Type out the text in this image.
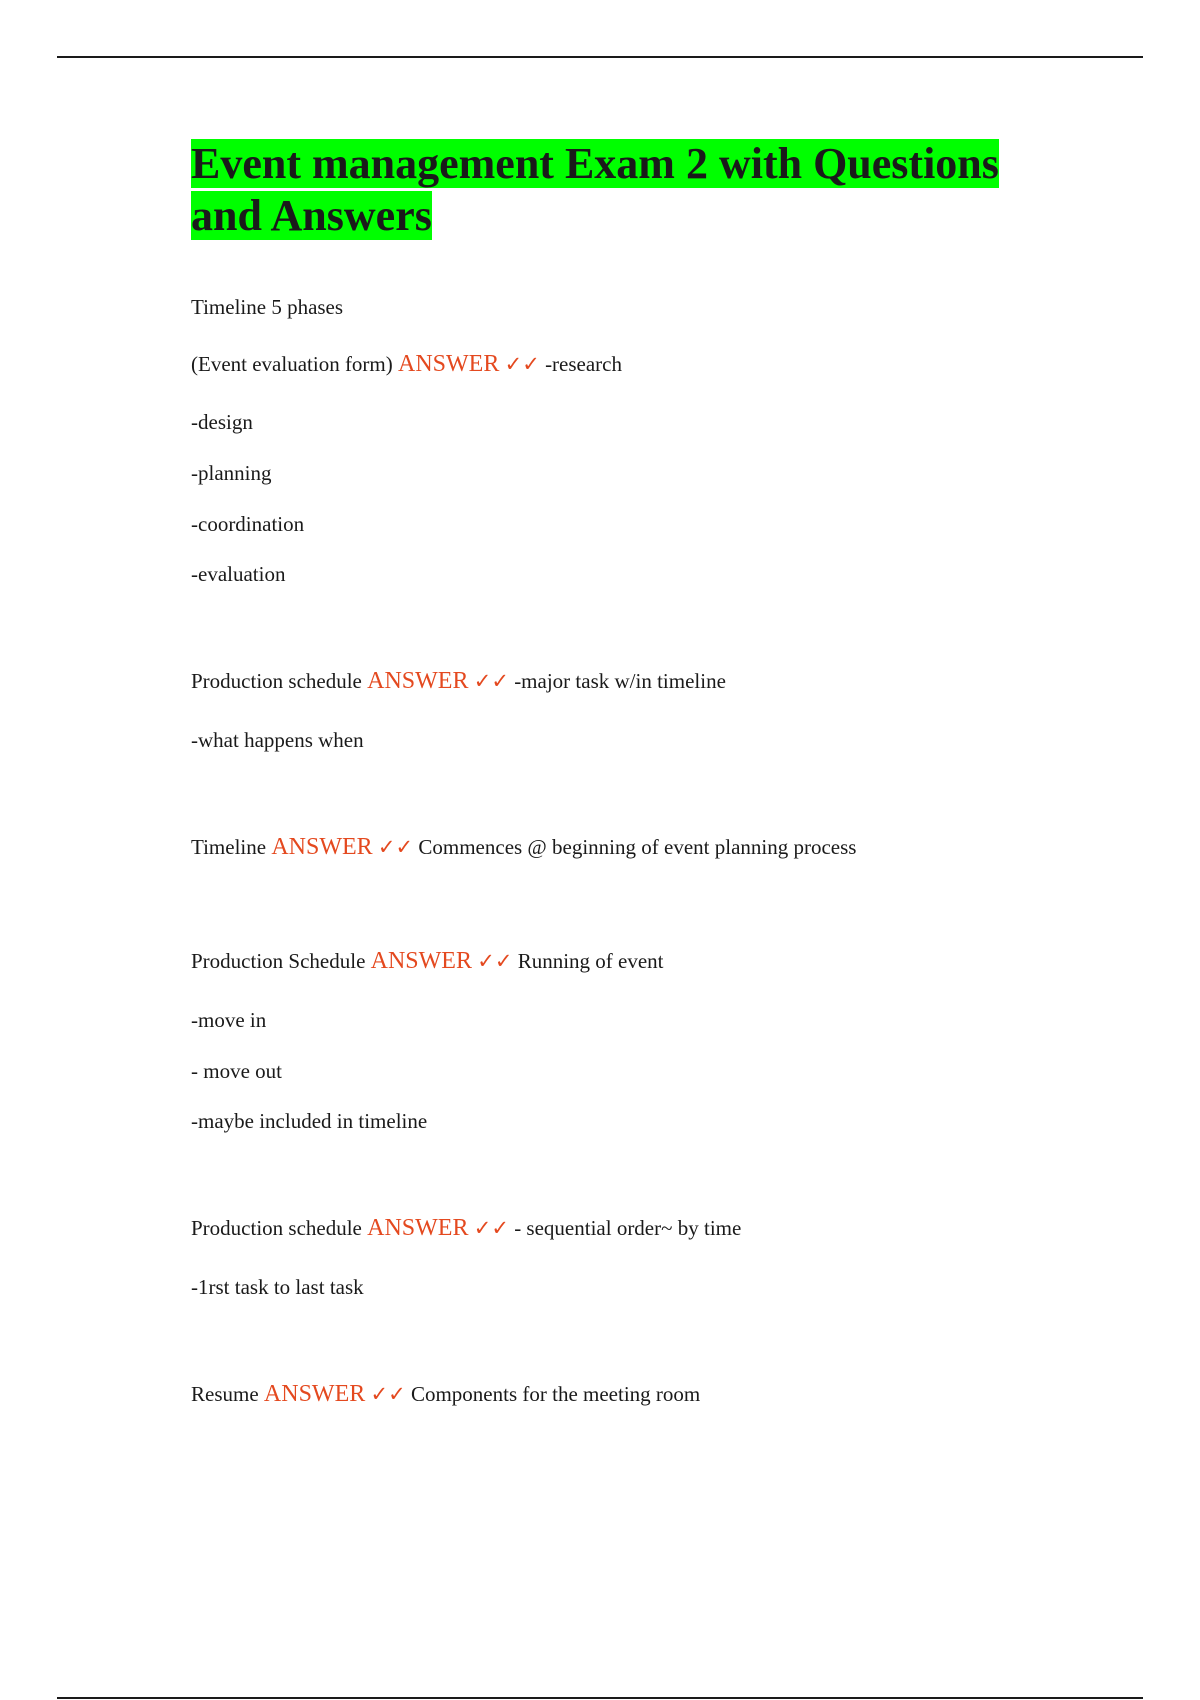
Event management Exam 2 with Questions and Answers
Timeline 5 phases
(Event evaluation form) ANSWER ✓✓ -research
-design
-planning
-coordination
-evaluation
Production schedule ANSWER ✓✓ -major task w/in timeline
-what happens when
Timeline ANSWER ✓✓ Commences @ beginning of event planning process
Production Schedule ANSWER ✓✓ Running of event
-move in
- move out
-maybe included in timeline
Production schedule ANSWER ✓✓ - sequential order~ by time
-1rst task to last task
Resume ANSWER ✓✓ Components for the meeting room
